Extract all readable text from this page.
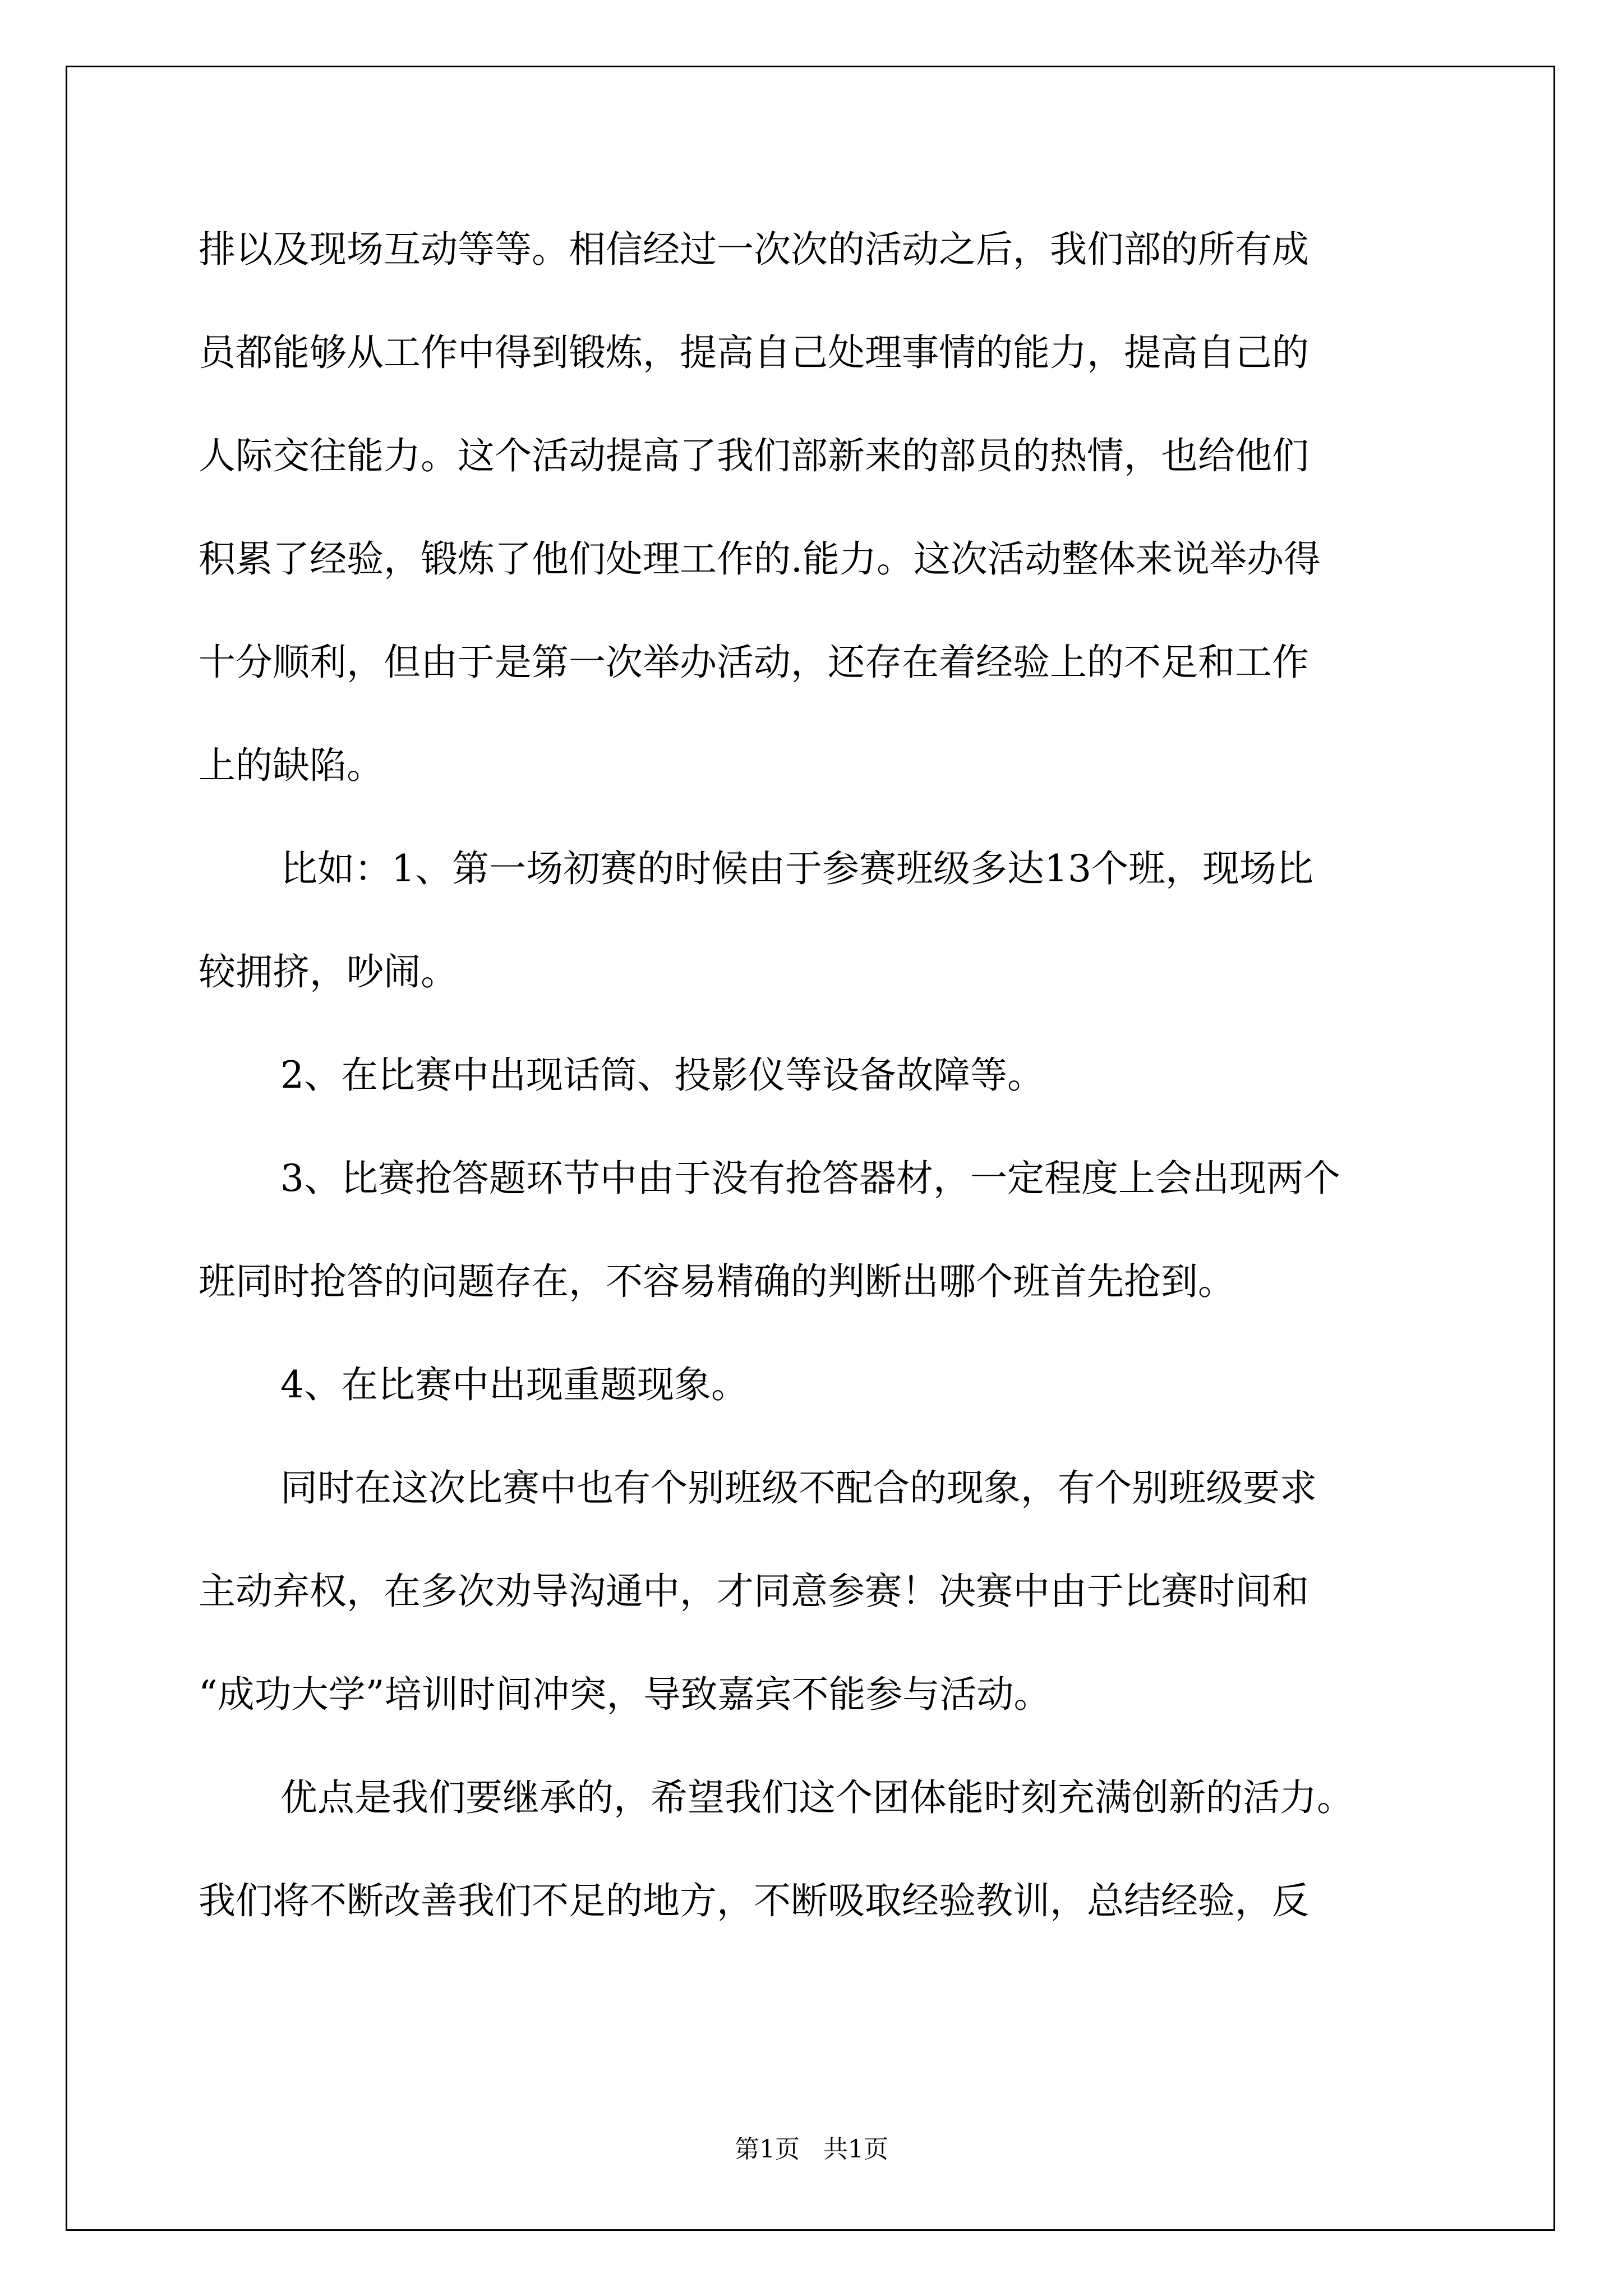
排以及现场互动等等。相信经过一次次的活动之后，我们部的所有成
员都能够从工作中得到锻炼，提高自己处理事情的能力，提高自己的
人际交往能力。这个活动提高了我们部新来的部员的热情，也给他们
积累了经验，锻炼了他们处理工作的.能力。这次活动整体来说举办得
十分顺利，但由于是第一次举办活动，还存在着经验上的不足和工作
上的缺陷。
比如：1、第一场初赛的时候由于参赛班级多达13个班，现场比
较拥挤，吵闹。
2、在比赛中出现话筒、投影仪等设备故障等。
3、比赛抢答题环节中由于没有抢答器材，一定程度上会出现两个
班同时抢答的问题存在，不容易精确的判断出哪个班首先抢到。
4、在比赛中出现重题现象。
同时在这次比赛中也有个别班级不配合的现象，有个别班级要求
主动弃权，在多次劝导沟通中，才同意参赛！决赛中由于比赛时间和
“成功大学”培训时间冲突，导致嘉宾不能参与活动。
优点是我们要继承的，希望我们这个团体能时刻充满创新的活力。
我们将不断改善我们不足的地方，不断吸取经验教训，总结经验，反
第1页   共1页
